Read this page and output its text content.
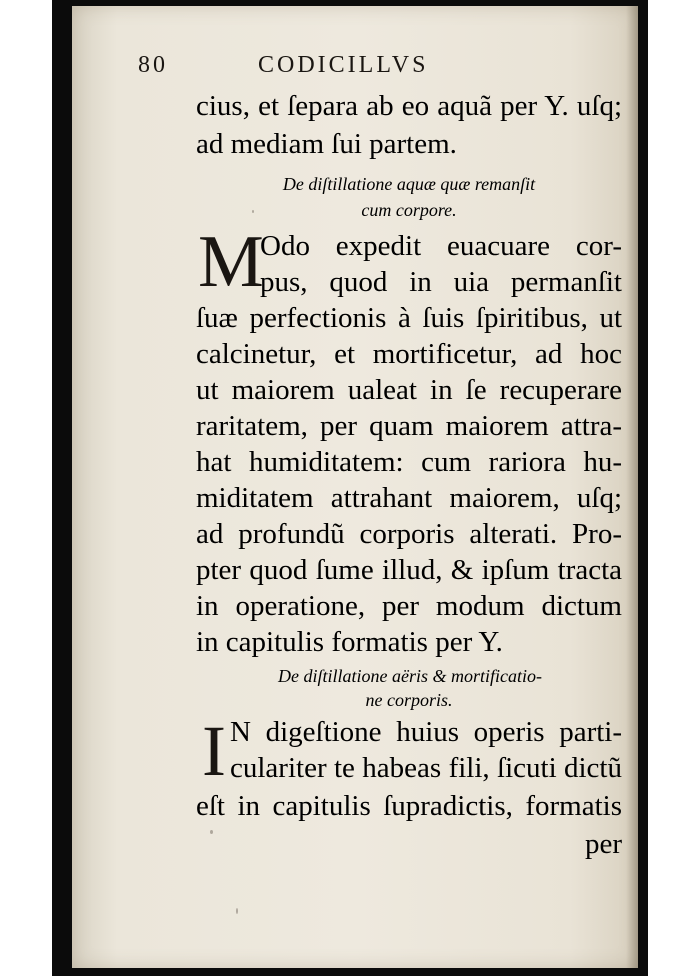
80	CODICILLVS
cius, et ſepara ab eo aquã per Y. uſq;
ad mediam ſui partem.
De diſtillatione aquæ quæ remanſit
cum corpore.
M
Odo expedit euacuare cor-
pus, quod in uia permanſit
ſuæ perfectionis à ſuis ſpiritibus, ut
calcinetur, et mortificetur, ad hoc
ut maiorem ualeat in ſe recuperare
raritatem, per quam maiorem attra-
hat humiditatem: cum rariora hu-
miditatem attrahant maiorem, uſq;
ad profundũ corporis alterati. Pro-
pter quod ſume illud, & ipſum tracta
in operatione, per modum dictum
in capitulis formatis per Y.
De diſtillatione aëris & mortificatio-
ne corporis.
I N digeſtione huius operis parti-
culariter te habeas fili, ſicuti dictũ
eſt in capitulis ſupradictis, formatis
per
